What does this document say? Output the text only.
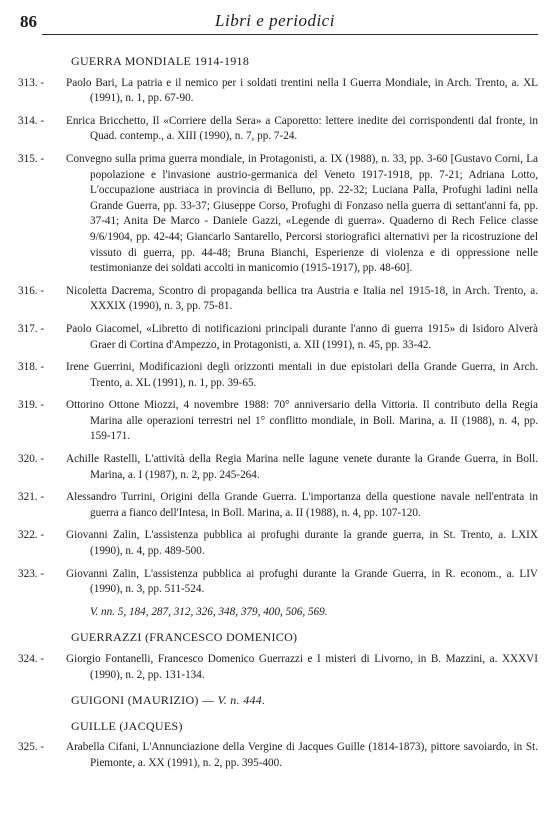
86	Libri e periodici
GUERRA MONDIALE 1914-1918
313. -	Paolo Bari, La patria e il nemico per i soldati trentini nella I Guerra Mondiale, in Arch. Trento, a. XL (1991), n. 1, pp. 67-90.
314. -	Enrica Bricchetto, Il «Corriere della Sera» a Caporetto: lettere inedite dei corrispondenti dal fronte, in Quad. contemp., a. XIII (1990), n. 7, pp. 7-24.
315. -	Convegno sulla prima guerra mondiale, in Protagonisti, a. IX (1988), n. 33, pp. 3-60 [Gustavo Corni, La popolazione e l'invasione austrio-germanica del Veneto 1917-1918, pp. 7-21; Adriana Lotto, L'occupazione austriaca in provincia di Belluno, pp. 22-32; Luciana Palla, Profughi ladini nella Grande Guerra, pp. 33-37; Giuseppe Corso, Profughi di Fonzaso nella guerra di settant'anni fa, pp. 37-41; Anita De Marco - Daniele Gazzi, «Legende di guerra». Quaderno di Rech Felice classe 9/6/1904, pp. 42-44; Giancarlo Santarello, Percorsi storiografici alternativi per la ricostruzione del vissuto di guerra, pp. 44-48; Bruna Bianchi, Esperienze di violenza e di oppressione nelle testimonianze dei soldati accolti in manicomio (1915-1917), pp. 48-60].
316. -	Nicoletta Dacrema, Scontro di propaganda bellica tra Austria e Italia nel 1915-18, in Arch. Trento, a. XXXIX (1990), n. 3, pp. 75-81.
317. -	Paolo Giacomel, «Libretto di notificazioni principali durante l'anno di guerra 1915» di Isidoro Alverà Graer di Cortina d'Ampezzo, in Protagonisti, a. XII (1991), n. 45, pp. 33-42.
318. -	Irene Guerrini, Modificazioni degli orizzonti mentali in due epistolari della Grande Guerra, in Arch. Trento, a. XL (1991), n. 1, pp. 39-65.
319. -	Ottorino Ottone Miozzi, 4 novembre 1988: 70° anniversario della Vittoria. Il contributo della Regia Marina alle operazioni terrestri nel 1° conflitto mondiale, in Boll. Marina, a. II (1988), n. 4, pp. 159-171.
320. -	Achille Rastelli, L'attività della Regia Marina nelle lagune venete durante la Grande Guerra, in Boll. Marina, a. I (1987), n. 2, pp. 245-264.
321. -	Alessandro Turrini, Origini della Grande Guerra. L'importanza della questione navale nell'entrata in guerra a fianco dell'Intesa, in Boll. Marina, a. II (1988), n. 4, pp. 107-120.
322. -	Giovanni Zalin, L'assistenza pubblica ai profughi durante la grande guerra, in St. Trento, a. LXIX (1990), n. 4, pp. 489-500.
323. -	Giovanni Zalin, L'assistenza pubblica ai profughi durante la Grande Guerra, in R. econom., a. LIV (1990), n. 3, pp. 511-524.
V. nn. 5, 184, 287, 312, 326, 348, 379, 400, 506, 569.
GUERRAZZI (FRANCESCO DOMENICO)
324. -	Giorgio Fontanelli, Francesco Domenico Guerrazzi e I misteri di Livorno, in B. Mazzini, a. XXXVI (1990), n. 2, pp. 131-134.
GUIGONI (MAURIZIO) — V. n. 444.
GUILLE (JACQUES)
325. -	Arabella Cifani, L'Annunciazione della Vergine di Jacques Guille (1814-1873), pittore savoiardo, in St. Piemonte, a. XX (1991), n. 2, pp. 395-400.
